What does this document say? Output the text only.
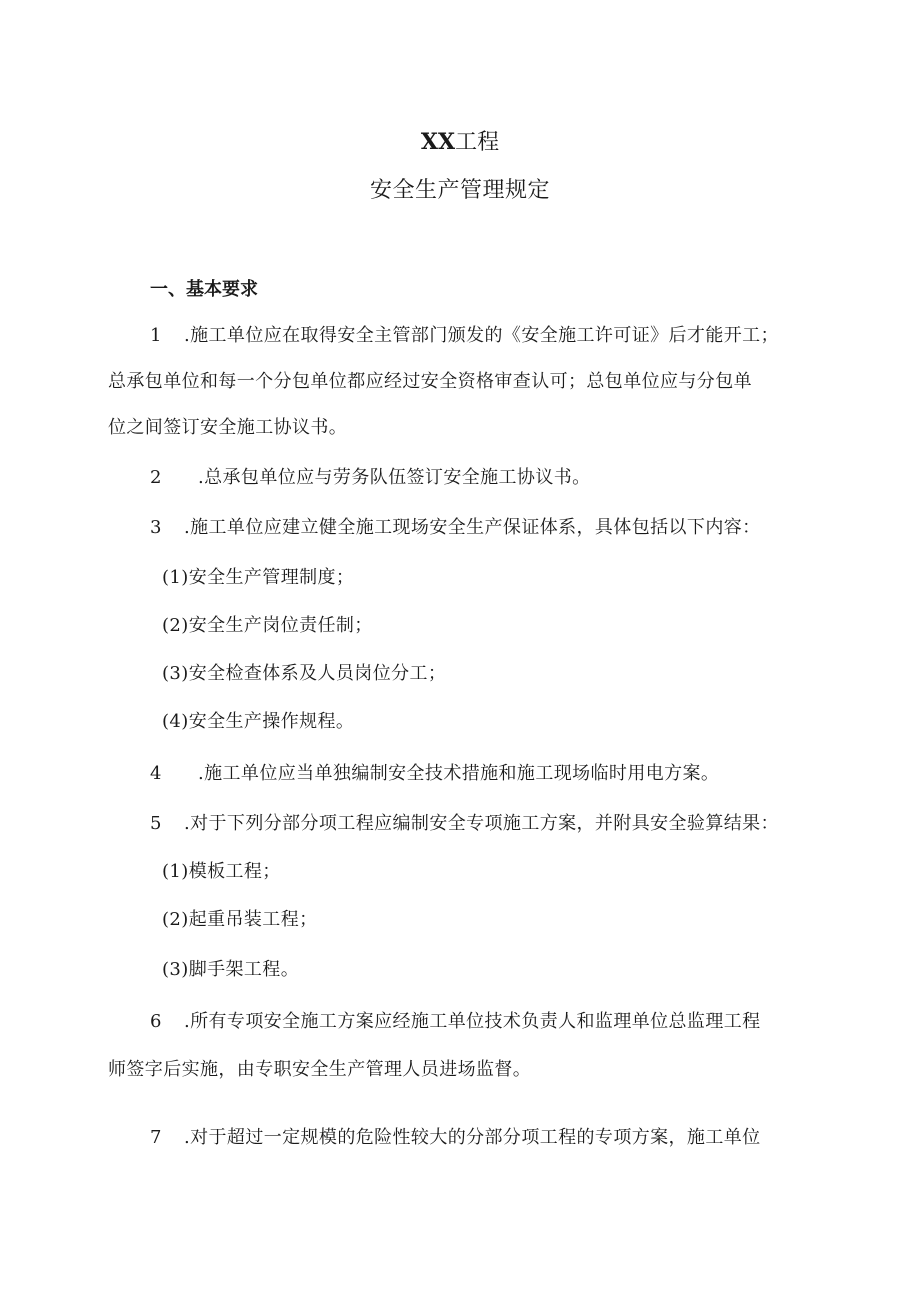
XX工程
安全生产管理规定
一、基本要求
1 .施工单位应在取得安全主管部门颁发的《安全施工许可证》后才能开工；
总承包单位和每一个分包单位都应经过安全资格审查认可；总包单位应与分包单
位之间签订安全施工协议书。
2 .总承包单位应与劳务队伍签订安全施工协议书。
3 .施工单位应建立健全施工现场安全生产保证体系，具体包括以下内容：
(1)安全生产管理制度；
(2)安全生产岗位责任制；
(3)安全检查体系及人员岗位分工；
(4)安全生产操作规程。
4 .施工单位应当单独编制安全技术措施和施工现场临时用电方案。
5 .对于下列分部分项工程应编制安全专项施工方案，并附具安全验算结果：
(1)模板工程；
(2)起重吊装工程；
(3)脚手架工程。
6 .所有专项安全施工方案应经施工单位技术负责人和监理单位总监理工程
师签字后实施，由专职安全生产管理人员进场监督。
7 .对于超过一定规模的危险性较大的分部分项工程的专项方案，施工单位
